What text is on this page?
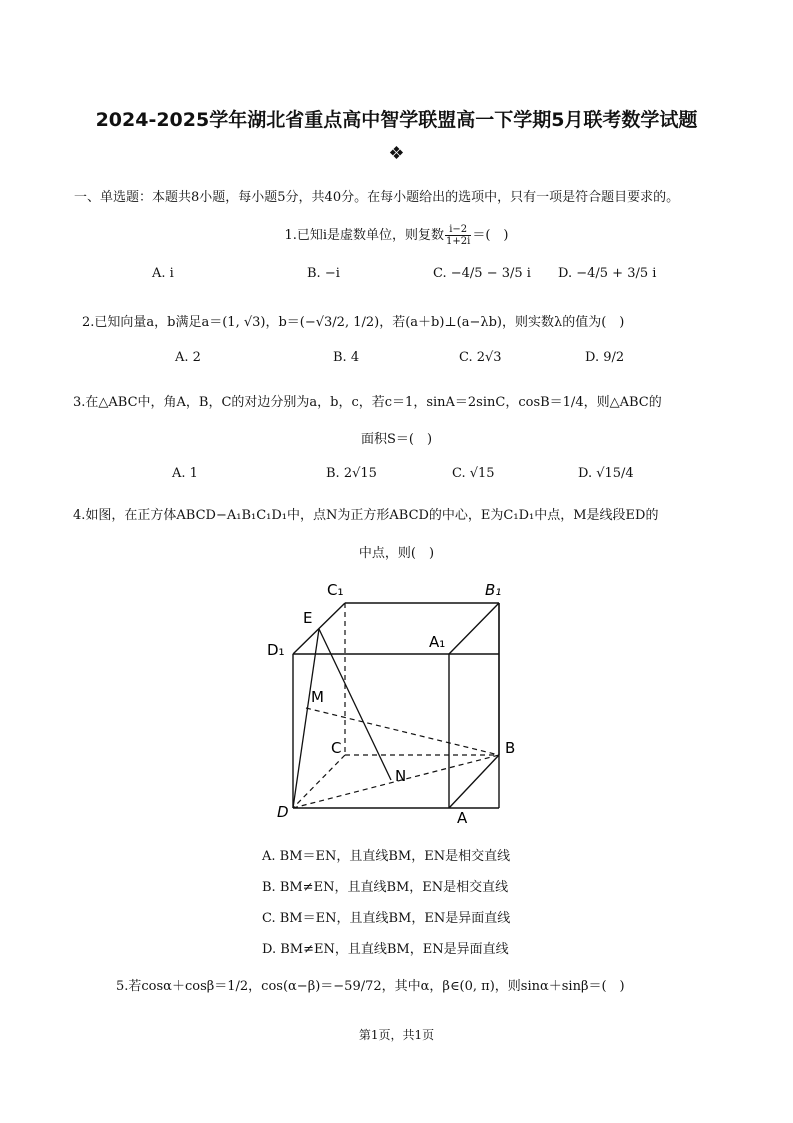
2024-2025学年湖北省重点高中智学联盟高一下学期5月联考数学试题
❖
一、单选题：本题共8小题，每小题5分，共40分。在每小题给出的选项中，只有一项是符合题目要求的。
1.已知i是虚数单位，则复数 $\frac{i-2}{1+2i}$ ＝(　)
A. i	B. −i	C. −4/5 − 3/5 i D. −4/5 + 3/5 i
2.已知向量a，b满足a＝(1, √3)，b＝(−√3/2, 1/2)，若(a＋b)⊥(a−λb)，则实数λ的值为(　)
A. 2	B. 4	C. 2√3	D. 9/2
3.在△ABC中，角A，B，C的对边分别为a，b，c，若c＝1，sinA＝2sinC，cosB＝1/4，则△ABC的
面积S＝(　)
A. 1	B. 2√15	C. √15	D. √15/4
4.如图，在正方体ABCD−A₁B₁C₁D₁中，点N为正方形ABCD的中心，E为C₁D₁中点，M是线段ED的
中点，则(　)
C₁	B₁
E
A₁
D₁
M
C	B
N
D	A
A. BM＝EN，且直线BM，EN是相交直线
B. BM≠EN，且直线BM，EN是相交直线
C. BM＝EN，且直线BM，EN是异面直线
D. BM≠EN，且直线BM，EN是异面直线
5.若cosα＋cosβ＝1/2，cos(α−β)＝−59/72，其中α，β∈(0, π)，则sinα＋sinβ＝(　)
第1页，共1页
